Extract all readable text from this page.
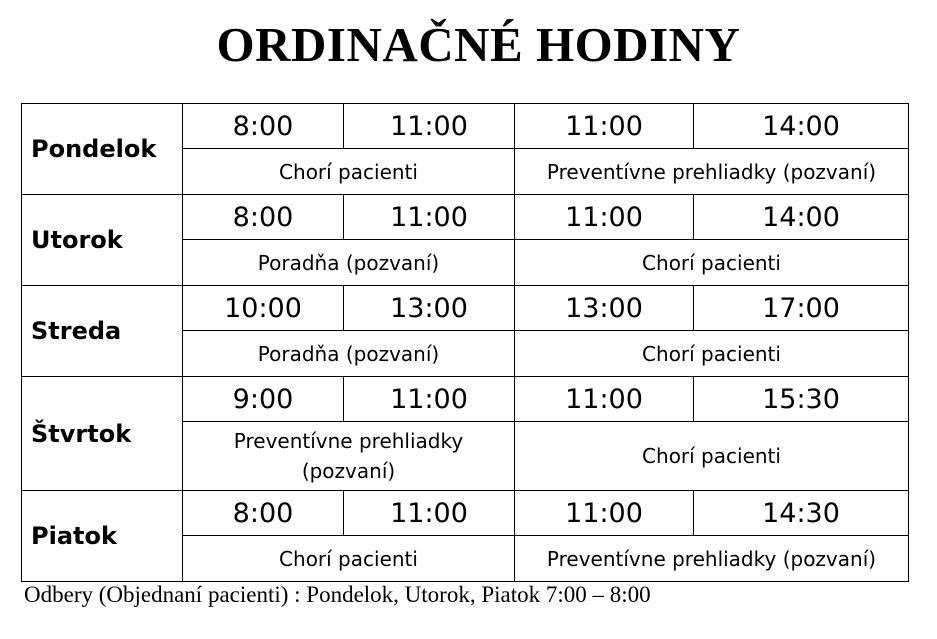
ORDINAČNÉ HODINY
Pondelok	8:00	11:00	11:00	14:00
	Chorí pacienti		Preventívne prehliadky (pozvaní)	
Utorok	8:00	11:00	11:00	14:00
	Poradňa (pozvaní)		Chorí pacienti	
Streda	10:00	13:00	13:00	17:00
	Poradňa (pozvaní)		Chorí pacienti	
Štvrtok	9:00	11:00	11:00	15:30

	Preventívne prehliadky (pozvaní)		Chorí pacienti	
Piatok	8:00	11:00	11:00	14:30
	Chorí pacienti		Preventívne prehliadky (pozvaní)	
Odbery (Objednaní pacienti) : Pondelok, Utorok, Piatok 7:00 – 8:00
